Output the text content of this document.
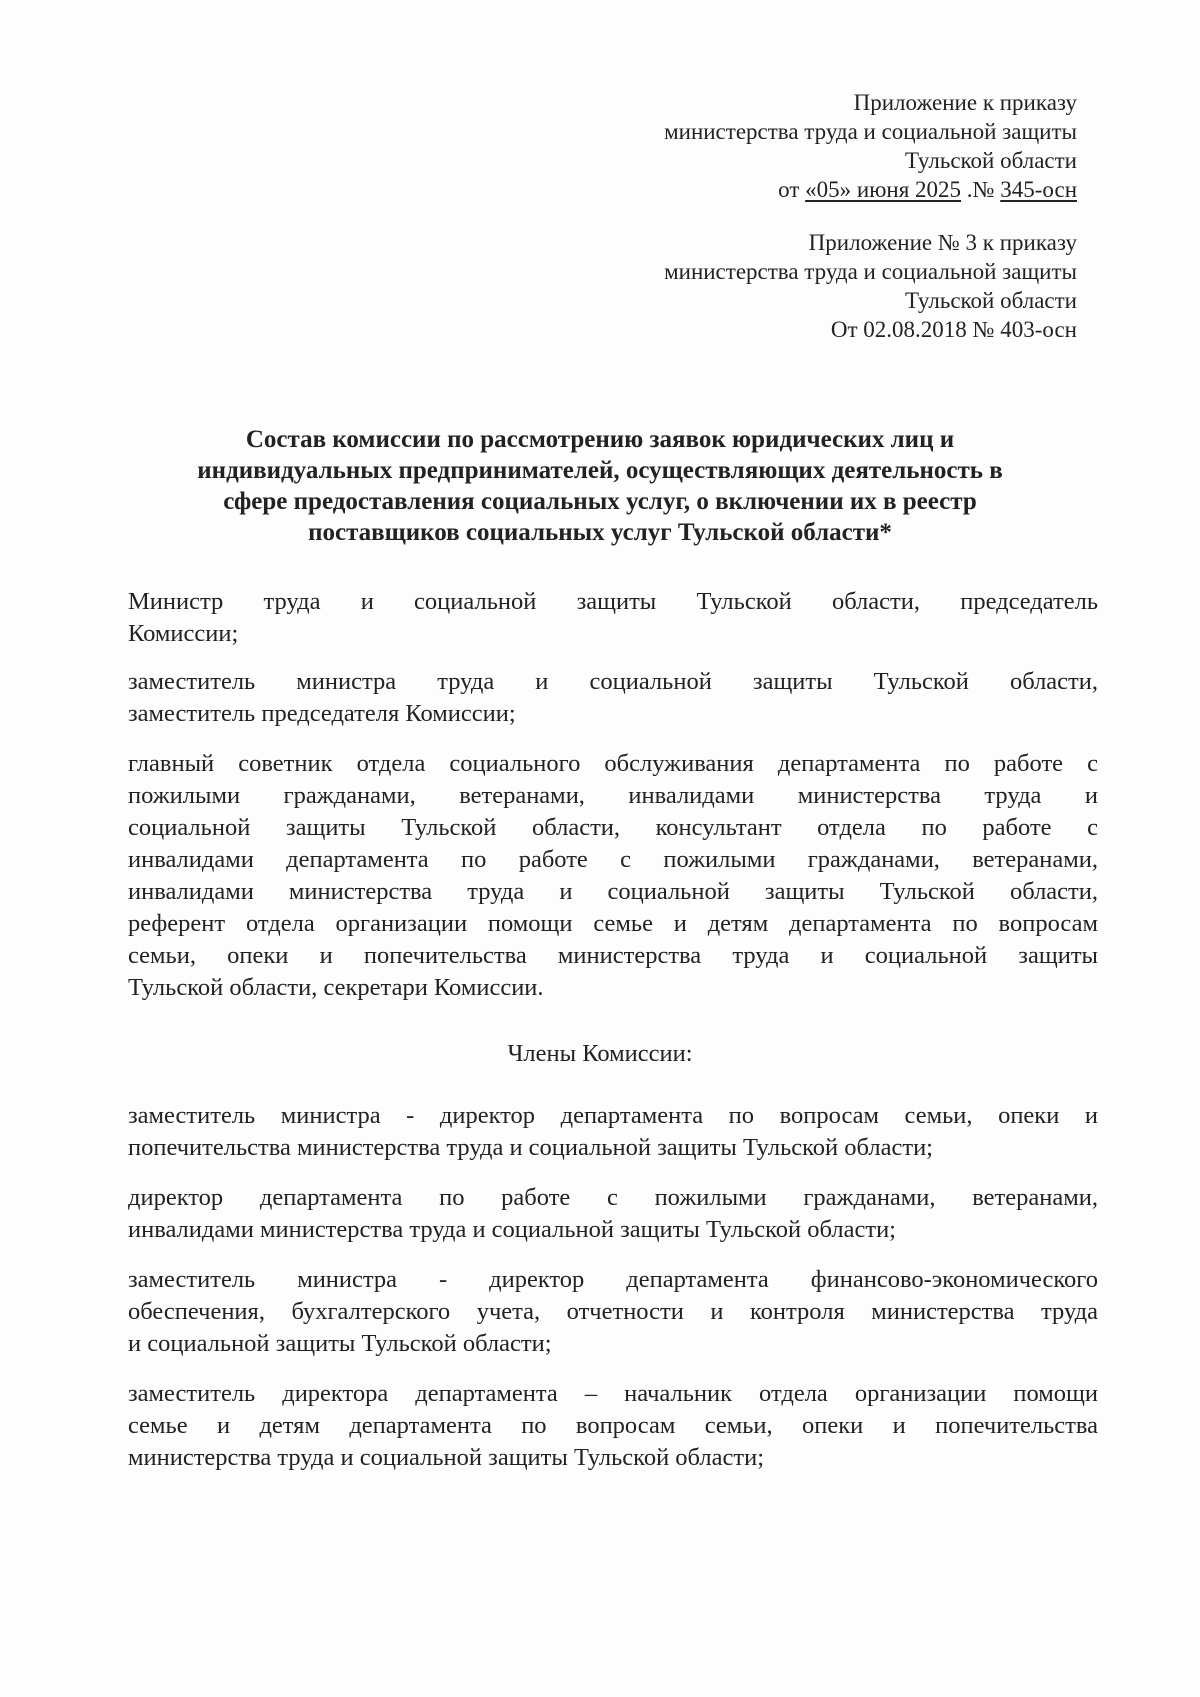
Приложение к приказу
министерства труда и социальной защиты
Тульской области
от «05» июня 2025 .№ 345-осн
Приложение № 3 к приказу
министерства труда и социальной защиты
Тульской области
От 02.08.2018 № 403-осн
Состав комиссии по рассмотрению заявок юридических лиц и
индивидуальных предпринимателей, осуществляющих деятельность в
сфере предоставления социальных услуг, о включении их в реестр
поставщиков социальных услуг Тульской области*

Министр труда и социальной защиты Тульской области, председатель
Комиссии;

заместитель министра труда и социальной защиты Тульской области,
заместитель председателя Комиссии;

главный советник отдела социального обслуживания департамента по работе с
пожилыми гражданами, ветеранами, инвалидами министерства труда и
социальной защиты Тульской области, консультант отдела по работе с
инвалидами департамента по работе с пожилыми гражданами, ветеранами,
инвалидами министерства труда и социальной защиты Тульской области,
референт отдела организации помощи семье и детям департамента по вопросам
семьи, опеки и попечительства министерства труда и социальной защиты
Тульской области, секретари Комиссии.

Члены Комиссии:

заместитель министра - директор департамента по вопросам семьи, опеки и
попечительства министерства труда и социальной защиты Тульской области;

директор департамента по работе с пожилыми гражданами, ветеранами,
инвалидами министерства труда и социальной защиты Тульской области;

заместитель министра - директор департамента финансово-экономического
обеспечения, бухгалтерского учета, отчетности и контроля министерства труда
и социальной защиты Тульской области;

заместитель директора департамента – начальник отдела организации помощи
семье и детям департамента по вопросам семьи, опеки и попечительства
министерства труда и социальной защиты Тульской области;
